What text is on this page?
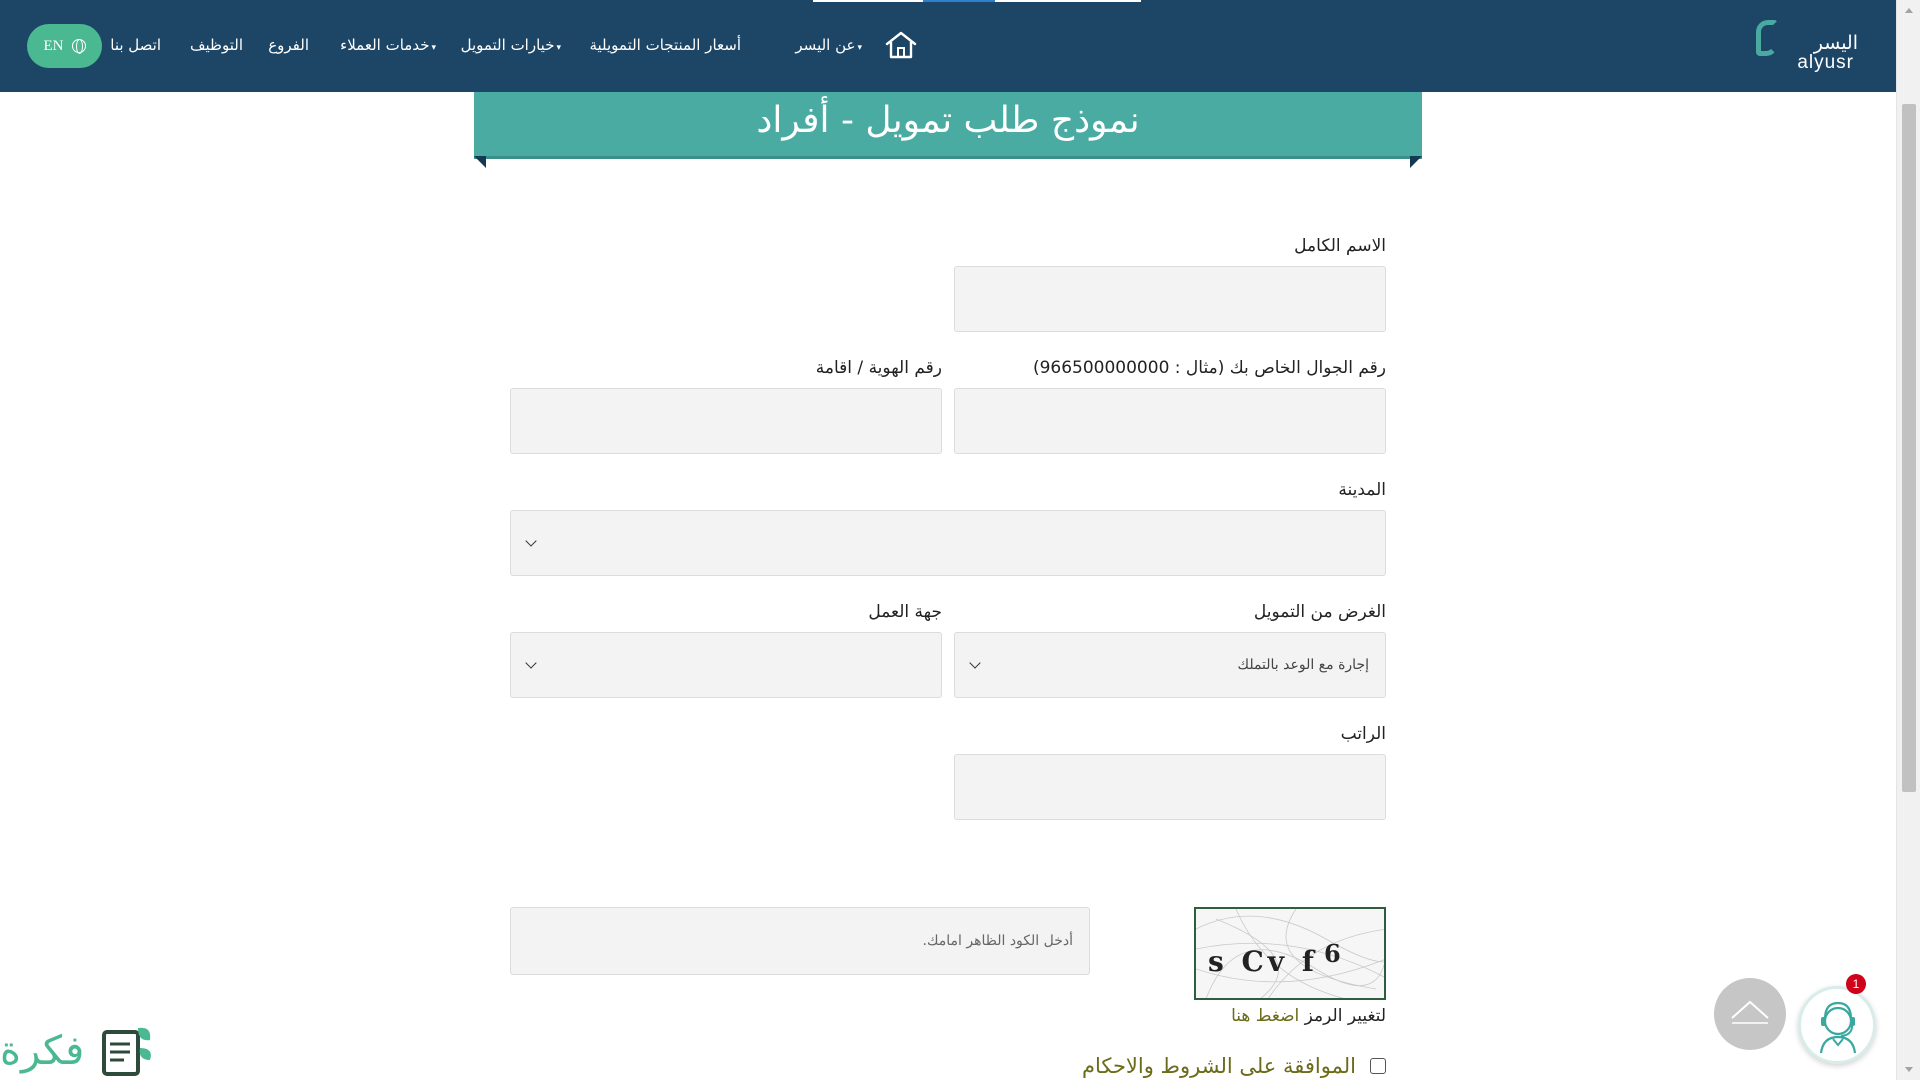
اليسر
alyusr
عن اليسر ▾
أسعار المنتجات التمويلية
خيارات التمويل ▾
خدمات العملاء ▾
الفروع
التوظيف
اتصل بنا
EN
نموذج طلب تمويل - أفراد
الاسم الكامل
رقم الجوال الخاص بك (مثال : 966500000000)
رقم الهوية / اقامة
المدينة
الغرض من التمويل
إجارة مع الوعد بالتملك
جهة العمل
الراتب
s Cv f 6
أدخل الكود الظاهر امامك.
لتغيير الرمز اضغط هنا
الموافقة على الشروط والاحكام
1
فكرة
